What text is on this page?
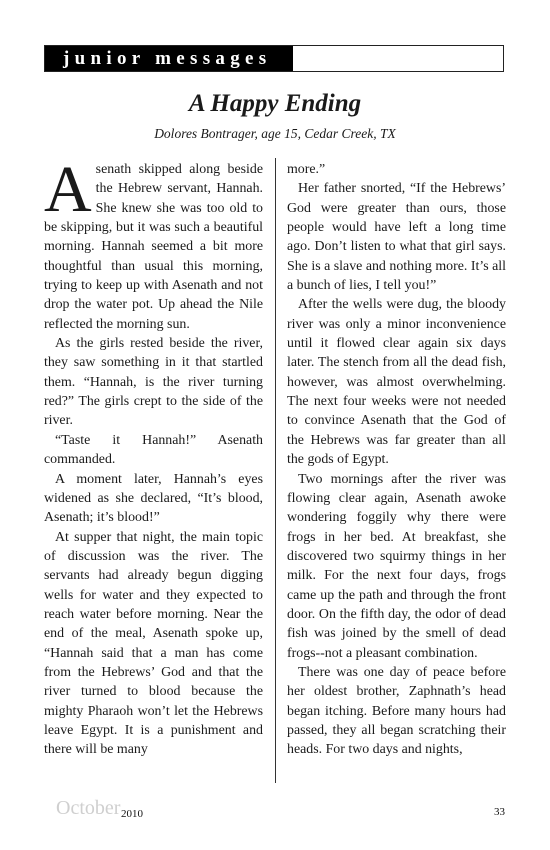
junior messages
A Happy Ending
Dolores Bontrager, age 15, Cedar Creek, TX

Asenath skipped along beside the Hebrew servant, Hannah. She knew she was too old to be skipping, but it was such a beautiful morning. Hannah seemed a bit more thoughtful than usual this morning, trying to keep up with Asenath and not drop the water pot. Up ahead the Nile reflected the morning sun.

As the girls rested beside the river, they saw something in it that startled them. “Hannah, is the river turning red?” The girls crept to the side of the river.

“Taste it Hannah!” Asenath commanded.

A moment later, Hannah’s eyes widened as she declared, “It’s blood, Asenath; it’s blood!”

At supper that night, the main topic of discussion was the river. The servants had already begun digging wells for water and they expected to reach water before morning. Near the end of the meal, Asenath spoke up, “Hannah said that a man has come from the Hebrews’ God and that the river turned to blood because the mighty Pharaoh won’t let the Hebrews leave Egypt. It is a punishment and there will be many

more.”

Her father snorted, “If the Hebrews’ God were greater than ours, those people would have left a long time ago. Don’t listen to what that girl says. She is a slave and nothing more. It’s all a bunch of lies, I tell you!”

After the wells were dug, the bloody river was only a minor inconvenience until it flowed clear again six days later. The stench from all the dead fish, however, was almost overwhelming. The next four weeks were not needed to convince Asenath that the God of the Hebrews was far greater than all the gods of Egypt.

Two mornings after the river was flowing clear again, Asenath awoke wondering foggily why there were frogs in her bed. At breakfast, she discovered two squirmy things in her milk. For the next four days, frogs came up the path and through the front door. On the fifth day, the odor of dead fish was joined by the smell of dead frogs--not a pleasant combination.

There was one day of peace before her oldest brother, Zaphnath’s head began itching. Before many hours had passed, they all began scratching their heads. For two days and nights,

October 2010	33
